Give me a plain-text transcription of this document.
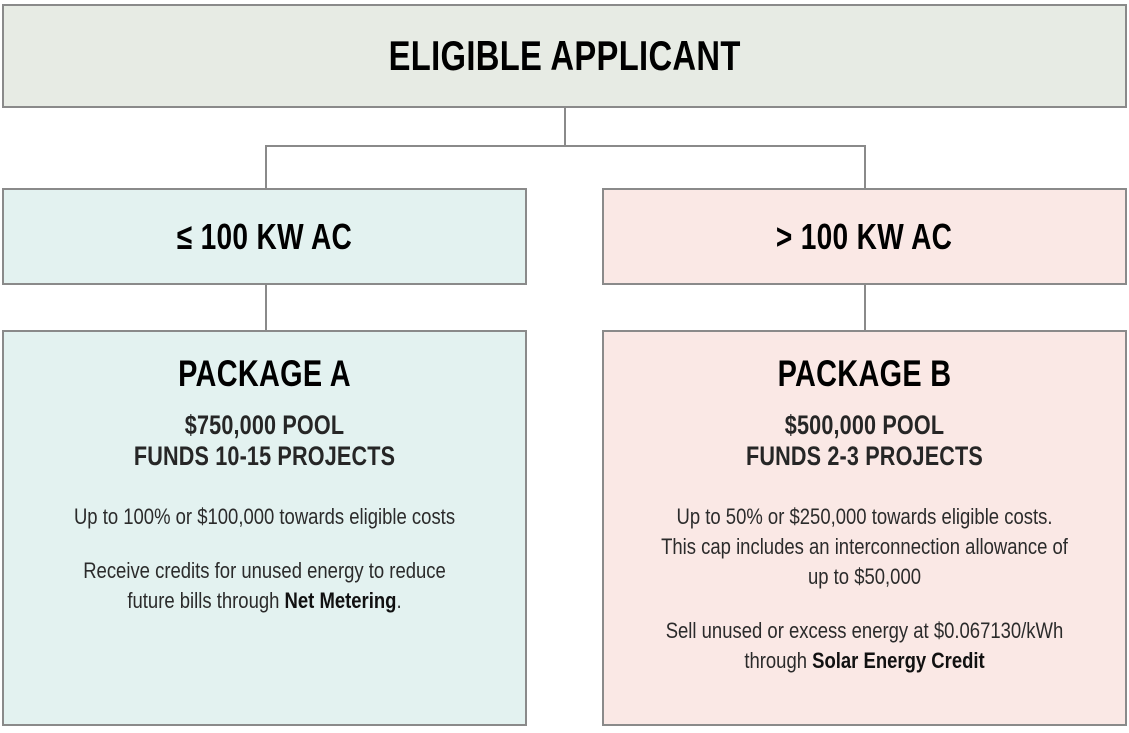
ELIGIBLE APPLICANT
≤ 100 KW AC	> 100 KW AC
PACKAGE A
$750,000 POOL
FUNDS 10-15 PROJECTS

Up to 100% or $100,000 towards eligible costs

Receive credits for unused energy to reduce future bills through Net Metering.

PACKAGE B
$500,000 POOL
FUNDS 2-3 PROJECTS

Up to 50% or $250,000 towards eligible costs. This cap includes an interconnection allowance of up to $50,000

Sell unused or excess energy at $0.067130/kWh through Solar Energy Credit
